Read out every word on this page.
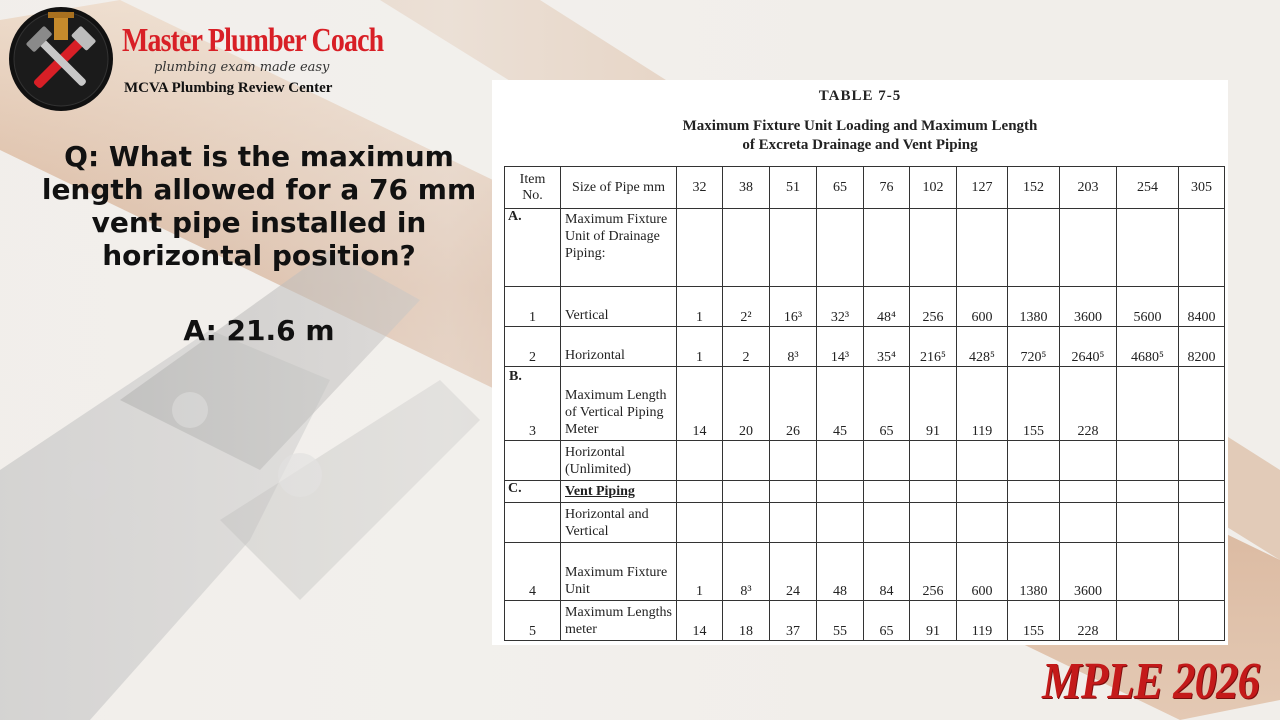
Master Plumber Coach
plumbing exam made easy
MCVA Plumbing Review Center
Q: What is the maximum length allowed for a 76 mm vent pipe installed in horizontal position?
A: 21.6 m
TABLE 7-5
Maximum Fixture Unit Loading and Maximum Length
of Excreta Drainage and Vent Piping
Item No.	Size of Pipe mm	32	38	51	65	76	102	127	152	203	254	305
A.	Maximum Fixture Unit of Drainage Piping:											
1	Vertical	1	2²	16³	32³	48⁴	256	600	1380	3600	5600	8400
2	Horizontal	1	2	8³	14³	35⁴	216⁵	428⁵	720⁵	2640⁵	4680⁵	8200

B.
3	Maximum Length of Vertical Piping Meter	14	20	26	45	65	91	119	155	228		
	Horizontal (Unlimited)											
C.	Vent Piping											
	Horizontal and Vertical											
4	Maximum Fixture Unit	1	8³	24	48	84	256	600	1380	3600		
5	Maximum Lengths meter	14	18	37	55	65	91	119	155	228		
MPLE 2026
